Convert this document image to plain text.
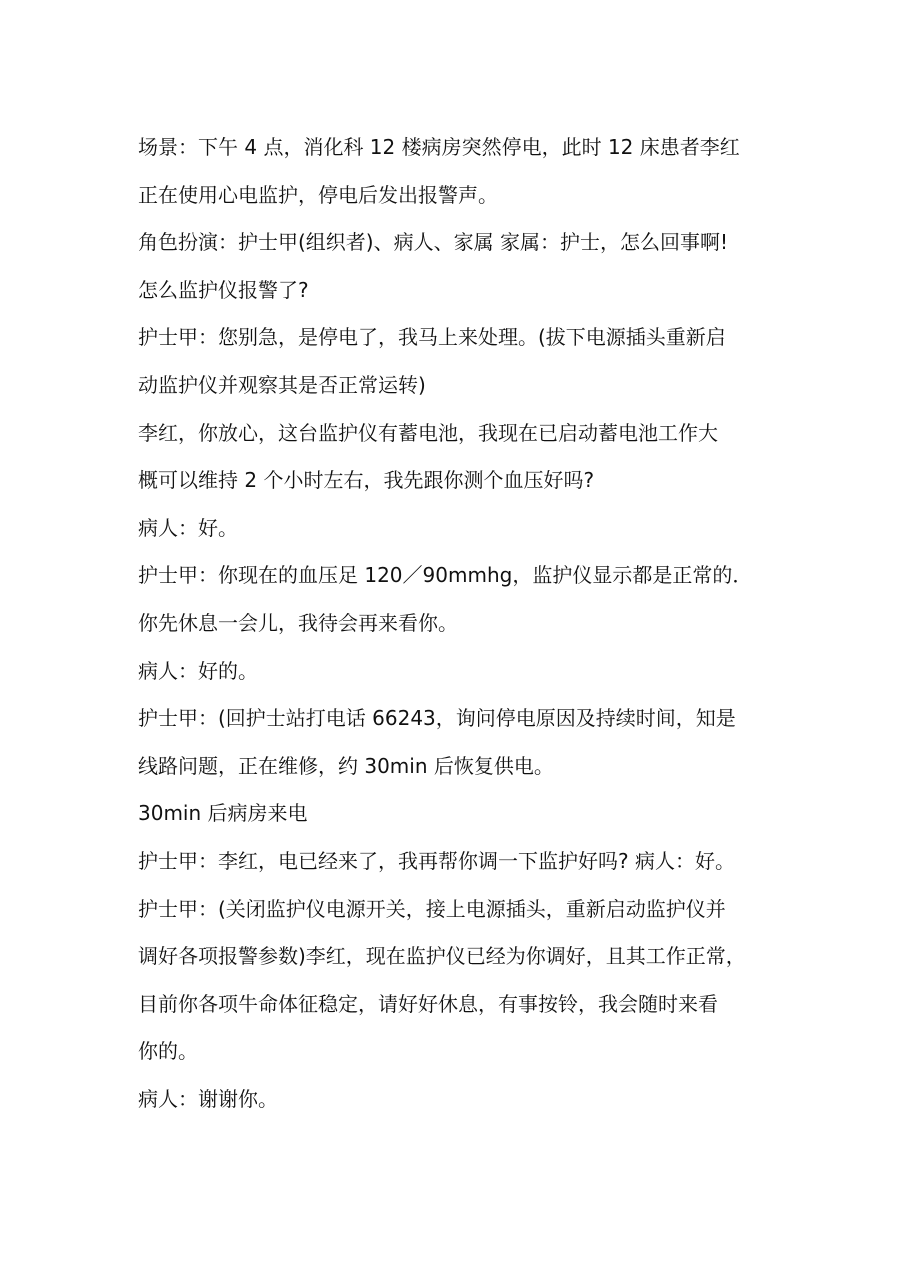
场景：下午 4 点，消化科 12 楼病房突然停电，此时 12 床患者李红
正在使用心电监护，停电后发出报警声。
角色扮演：护士甲(组织者)、病人、家属 家属：护士，怎么回事啊!
怎么监护仪报警了?
护士甲：您别急，是停电了，我马上来处理。(拔下电源插头重新启
动监护仪并观察其是否正常运转)
李红，你放心，这台监护仪有蓄电池，我现在已启动蓄电池工作大
概可以维持 2 个小时左右，我先跟你测个血压好吗?
病人：好。
护士甲：你现在的血压足 120／90mmhg，监护仪显示都是正常的．
你先休息一会儿，我待会再来看你。
病人：好的。
护士甲：(回护士站打电话 66243，询问停电原因及持续时间，知是
线路问题，正在维修，约 30min 后恢复供电。
30min 后病房来电
护士甲：李红，电已经来了，我再帮你调一下监护好吗? 病人：好。
护士甲：(关闭监护仪电源开关，接上电源插头，重新启动监护仪并
调好各项报警参数)李红，现在监护仪已经为你调好，且其工作正常，
目前你各项牛命体征稳定，请好好休息，有事按铃，我会随时来看
你的。
病人：谢谢你。
